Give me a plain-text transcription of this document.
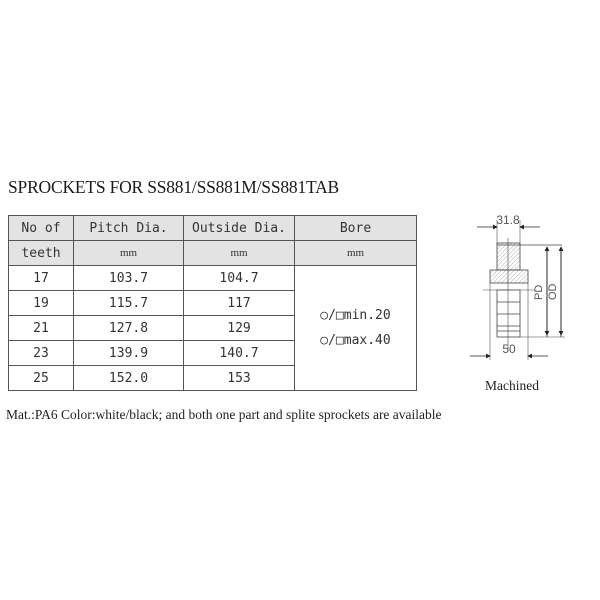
SPROCKETS FOR SS881/SS881M/SS881TAB
No of	Pitch Dia.	Outside Dia.	Bore
teeth	mm	mm	mm
17	103.7	104.7	○/□min.20
○/□max.40

19	115.7	117	
21	127.8	129	
23	139.9	140.7	
25	152.0	153	
31.8
PD OD
50
Machined
Mat.:PA6 Color:white/black; and both one part and splite sprockets are available
